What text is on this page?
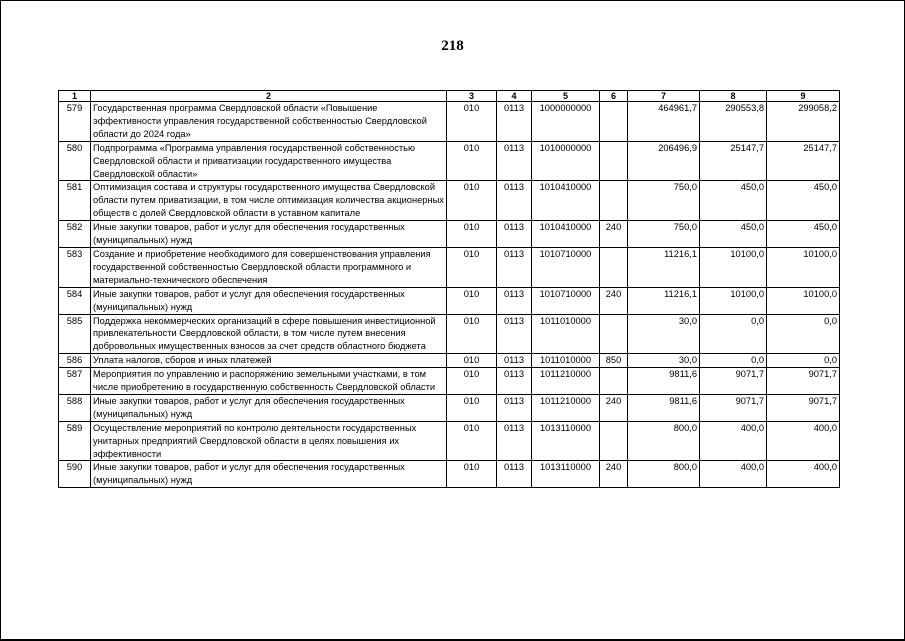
218
1	2	3	4	5	6	7	8	9
579	Государственная программа Свердловской области «Повышение эффективности управления государственной собственностью Свердловской области до 2024 года»	010	0113	1000000000		464961,7	290553,8	299058,2
580	Подпрограмма «Программа управления государственной собственностью Свердловской области и приватизации государственного имущества Свердловской области»	010	0113	1010000000		206496,9	25147,7	25147,7
581	Оптимизация состава и структуры государственного имущества Свердловской области путем приватизации, в том числе оптимизация количества акционерных обществ с долей Свердловской области в уставном капитале	010	0113	1010410000		750,0	450,0	450,0
582	Иные закупки товаров, работ и услуг для обеспечения государственных (муниципальных) нужд	010	0113	1010410000	240	750,0	450,0	450,0
583	Создание и приобретение необходимого для совершенствования управления государственной собственностью Свердловской области программного и материально-технического обеспечения	010	0113	1010710000		11216,1	10100,0	10100,0
584	Иные закупки товаров, работ и услуг для обеспечения государственных (муниципальных) нужд	010	0113	1010710000	240	11216,1	10100,0	10100,0
585	Поддержка некоммерческих организаций в сфере повышения инвестиционной привлекательности Свердловской области, в том числе путем внесения добровольных имущественных взносов за счет средств областного бюджета	010	0113	1011010000		30,0	0,0	0,0
586	Уплата налогов, сборов и иных платежей	010	0113	1011010000	850	30,0	0,0	0,0
587	Мероприятия по управлению и распоряжению земельными участками, в том числе приобретению в государственную собственность Свердловской области	010	0113	1011210000		9811,6	9071,7	9071,7
588	Иные закупки товаров, работ и услуг для обеспечения государственных (муниципальных) нужд	010	0113	1011210000	240	9811,6	9071,7	9071,7
589	Осуществление мероприятий по контролю деятельности государственных унитарных предприятий Свердловской области в целях повышения их эффективности	010	0113	1013110000		800,0	400,0	400,0
590	Иные закупки товаров, работ и услуг для обеспечения государственных (муниципальных) нужд	010	0113	1013110000	240	800,0	400,0	400,0
